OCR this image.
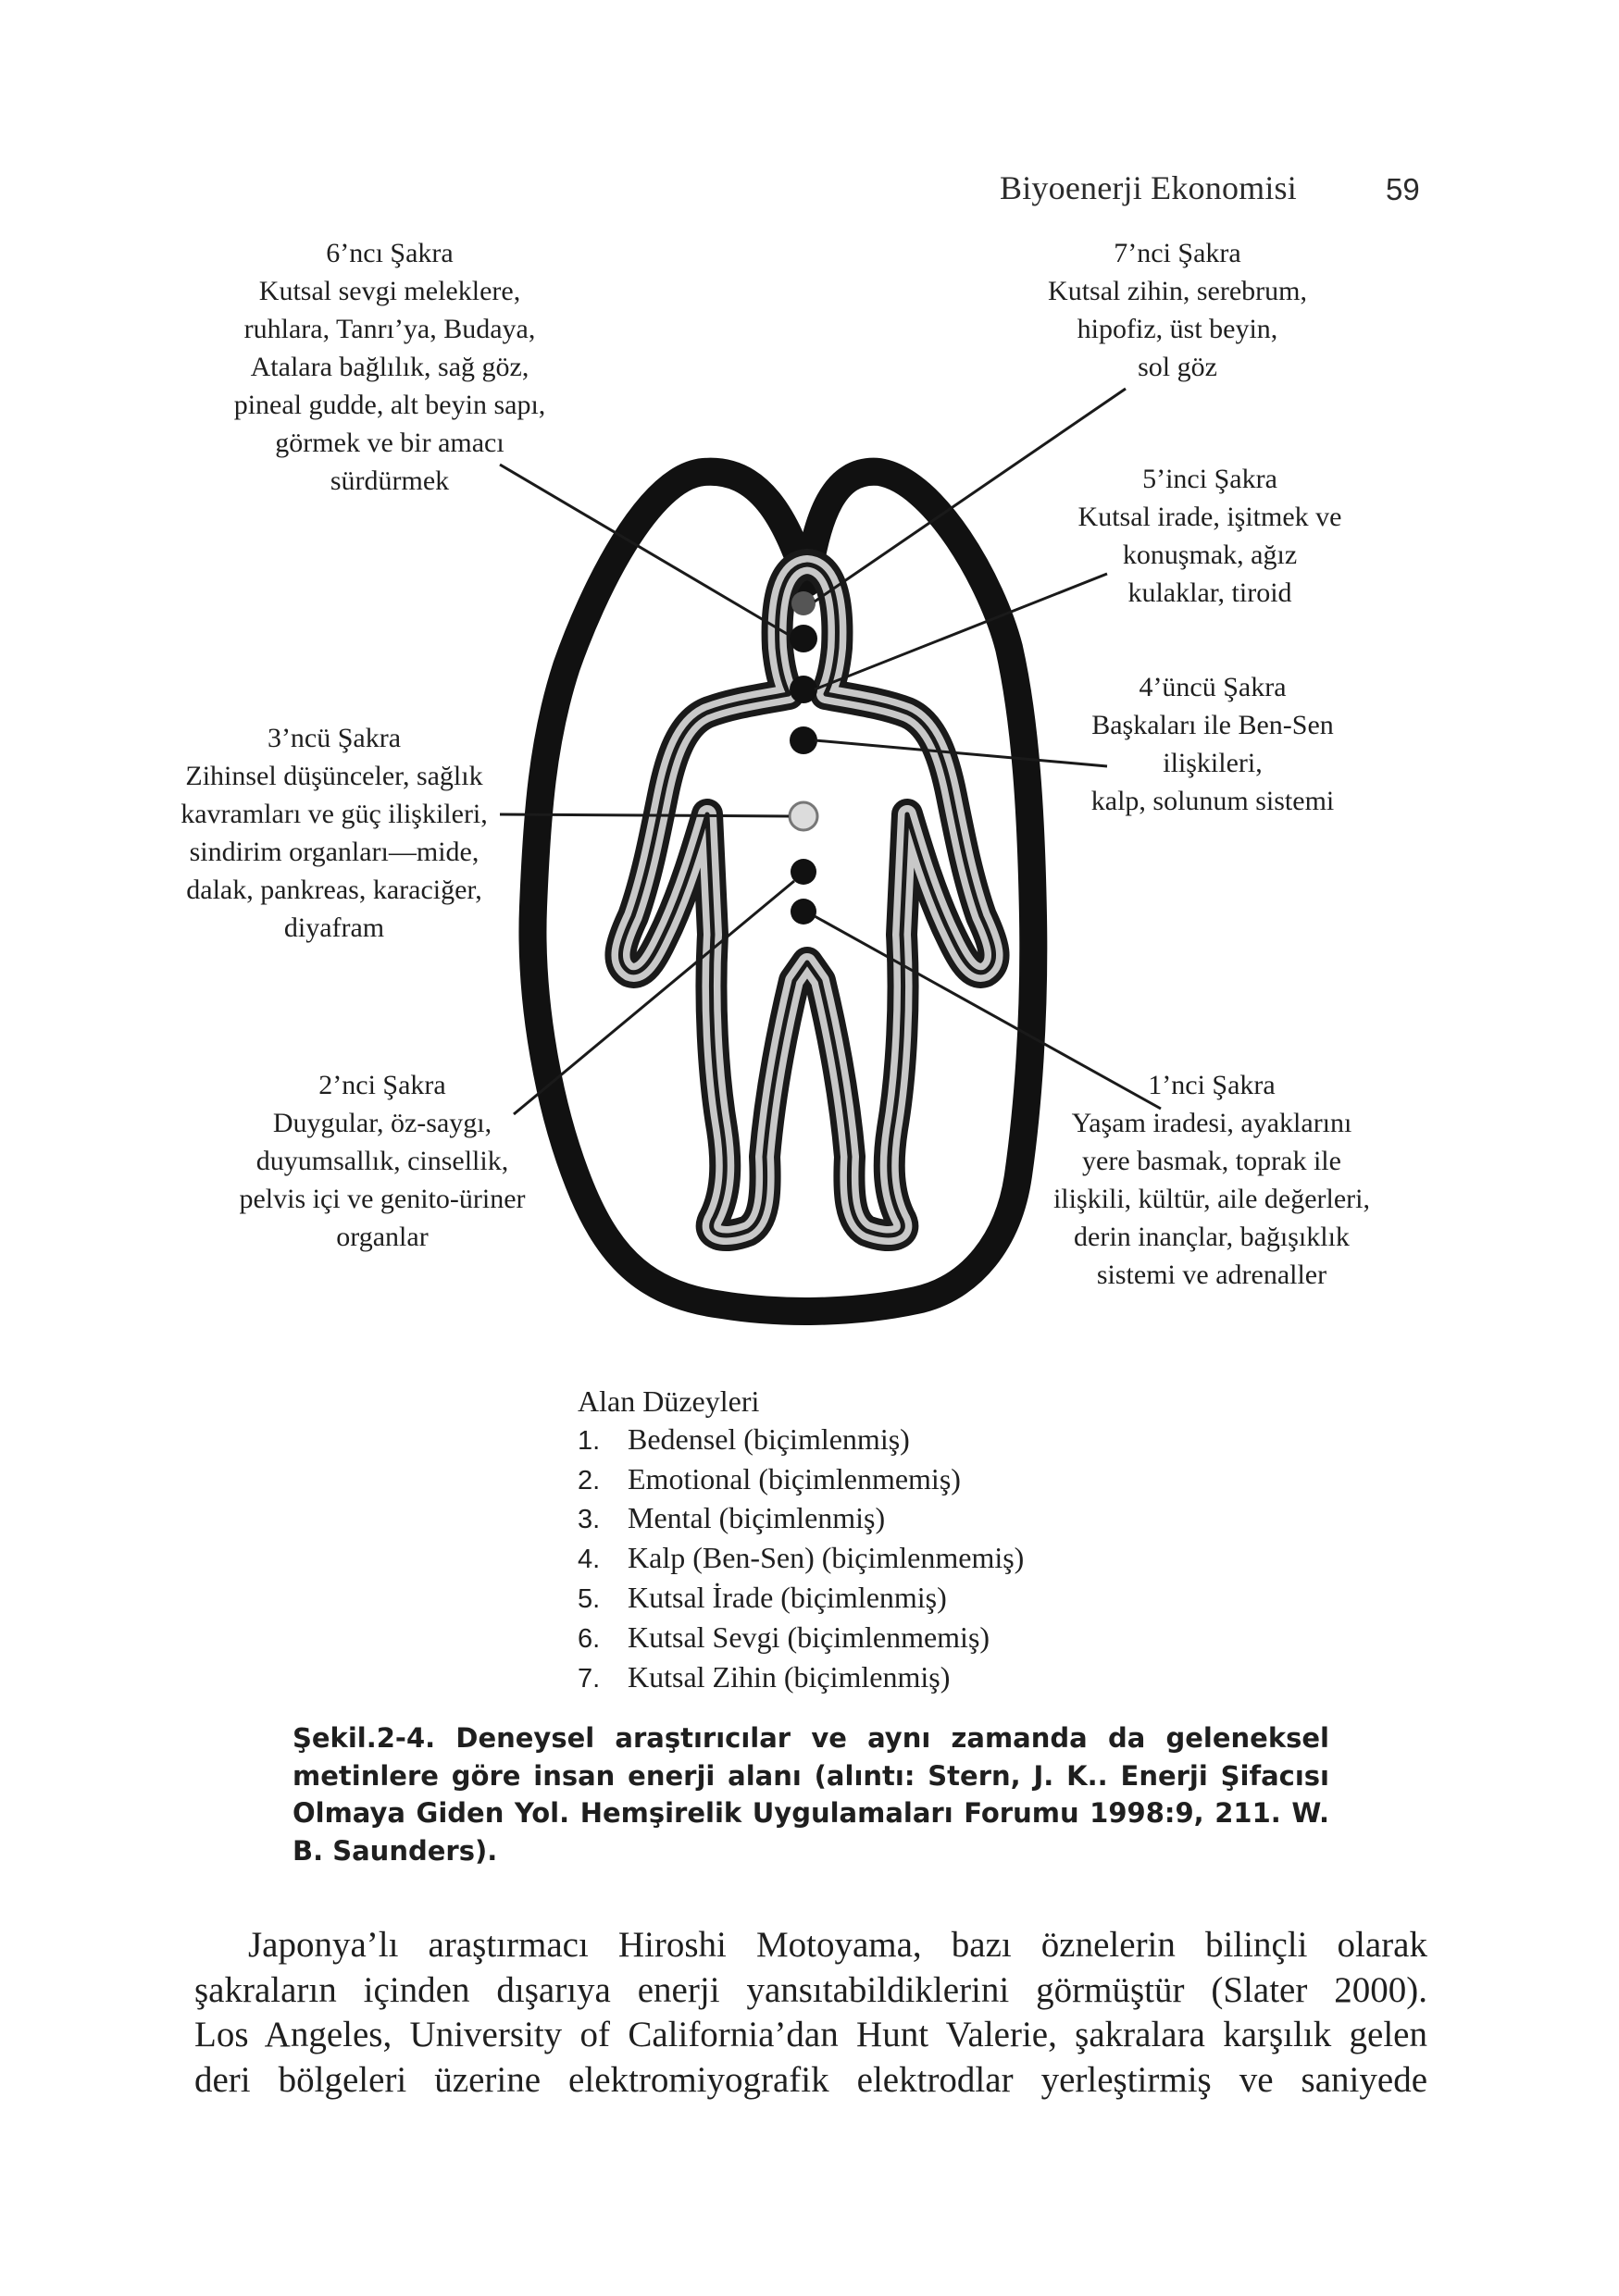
Biyoenerji Ekonomisi	59
6’ncı Şakra
Kutsal sevgi meleklere,
ruhlara, Tanrı’ya, Budaya,
Atalara bağlılık, sağ göz,
pineal gudde, alt beyin sapı,
görmek ve bir amacı
sürdürmek
7’nci Şakra
Kutsal zihin, serebrum,
hipofiz, üst beyin,
sol göz
5’inci Şakra
Kutsal irade, işitmek ve
konuşmak, ağız
kulaklar, tiroid
4’üncü Şakra
Başkaları ile Ben-Sen
ilişkileri,
kalp, solunum sistemi
3’ncü Şakra
Zihinsel düşünceler, sağlık
kavramları ve güç ilişkileri,
sindirim organları—mide,
dalak, pankreas, karaciğer,
diyafram
2’nci Şakra
Duygular, öz-saygı,
duyumsallık, cinsellik,
pelvis içi ve genito-üriner
organlar
1’nci Şakra
Yaşam iradesi, ayaklarını
yere basmak, toprak ile
ilişkili, kültür, aile değerleri,
derin inançlar, bağışıklık
sistemi ve adrenaller
Alan Düzeyleri
1. Bedensel (biçimlenmiş)
2. Emotional (biçimlenmemiş)
3. Mental (biçimlenmiş)
4. Kalp (Ben-Sen) (biçimlenmemiş)
5. Kutsal İrade (biçimlenmiş)
6. Kutsal Sevgi (biçimlenmemiş)
7. Kutsal Zihin (biçimlenmiş)
Şekil.2-4. Deneysel araştırıcılar ve aynı zamanda da geleneksel
metinlere göre insan enerji alanı (alıntı: Stern, J. K.. Enerji Şifacısı
Olmaya Giden Yol. Hemşirelik Uygulamaları Forumu 1998:9, 211. W.
B. Saunders).
Japonya’lı araştırmacı Hiroshi Motoyama, bazı öznelerin bilinçli olarak
şakraların içinden dışarıya enerji yansıtabildiklerini görmüştür (Slater 2000).
Los Angeles, University of California’dan Hunt Valerie, şakralara karşılık gelen
deri bölgeleri üzerine elektromiyografik elektrodlar yerleştirmiş ve saniyede
